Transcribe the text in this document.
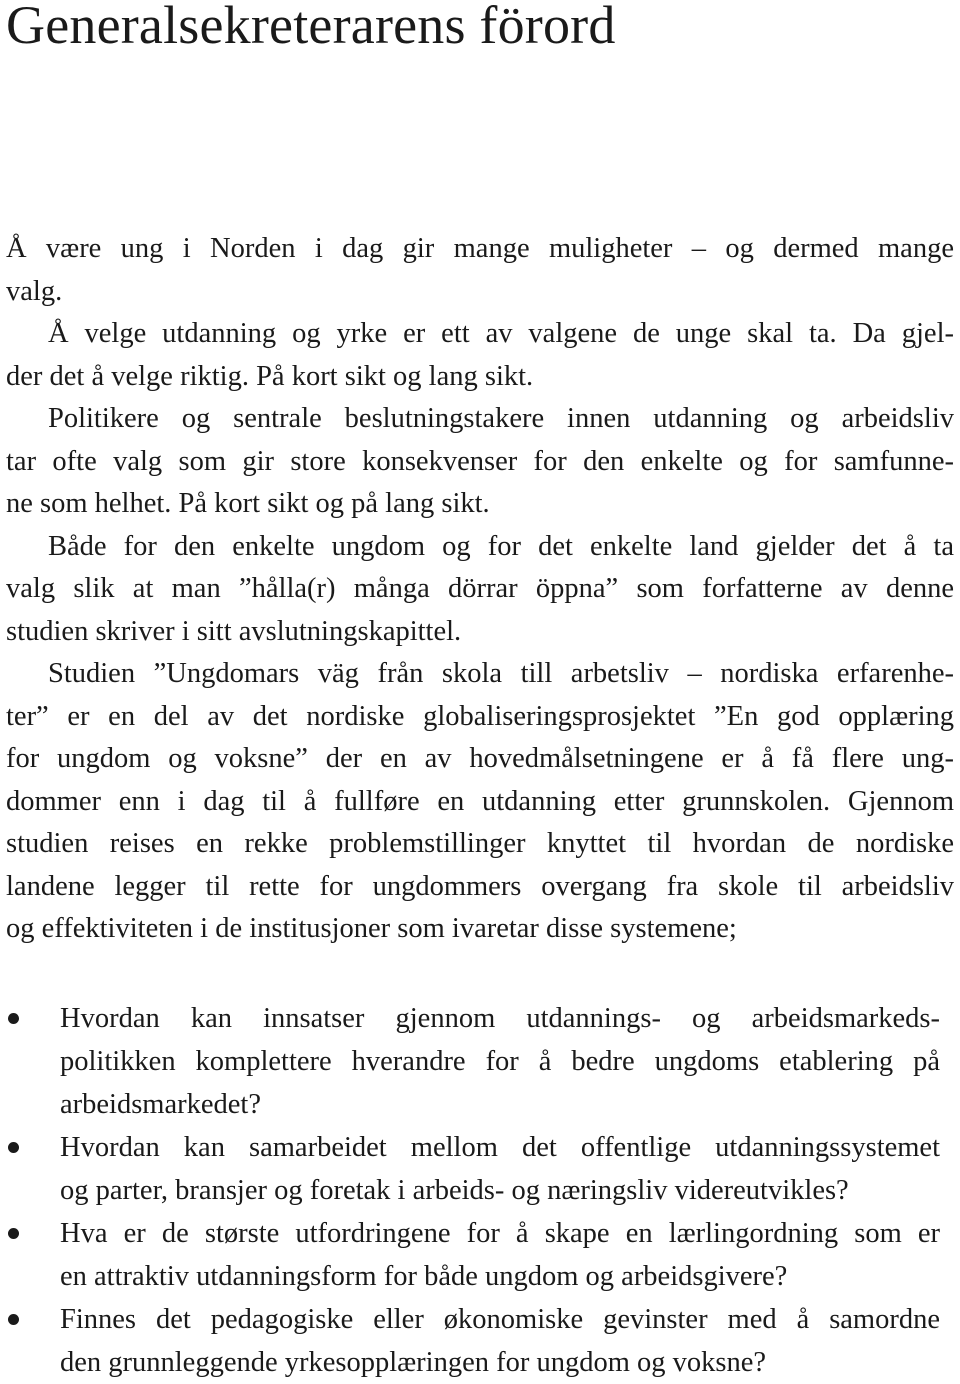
Generalsekreterarens förord
Å være ung i Norden i dag gir mange muligheter – og dermed mange
valg.
Å velge utdanning og yrke er ett av valgene de unge skal ta. Da gjel-
der det å velge riktig. På kort sikt og lang sikt.
Politikere og sentrale beslutningstakere innen utdanning og arbeidsliv
tar ofte valg som gir store konsekvenser for den enkelte og for samfunne-
ne som helhet. På kort sikt og på lang sikt.
Både for den enkelte ungdom og for det enkelte land gjelder det å ta
valg slik at man ”hålla(r) många dörrar öppna” som forfatterne av denne
studien skriver i sitt avslutningskapittel.
Studien ”Ungdomars väg från skola till arbetsliv – nordiska erfarenhe-
ter” er en del av det nordiske globaliseringsprosjektet ”En god opplæring
for ungdom og voksne” der en av hovedmålsetningene er å få flere ung-
dommer enn i dag til å fullføre en utdanning etter grunnskolen. Gjennom
studien reises en rekke problemstillinger knyttet til hvordan de nordiske
landene legger til rette for ungdommers overgang fra skole til arbeidsliv
og effektiviteten i de institusjoner som ivaretar disse systemene;
Hvordan kan innsatser gjennom utdannings- og arbeidsmarkeds-
politikken komplettere hverandre for å bedre ungdoms etablering på
arbeidsmarkedet?
Hvordan kan samarbeidet mellom det offentlige utdanningssystemet
og parter, bransjer og foretak i arbeids- og næringsliv videreutvikles?
Hva er de største utfordringene for å skape en lærlingordning som er
en attraktiv utdanningsform for både ungdom og arbeidsgivere?
Finnes det pedagogiske eller økonomiske gevinster med å samordne
den grunnleggende yrkesopplæringen for ungdom og voksne?
